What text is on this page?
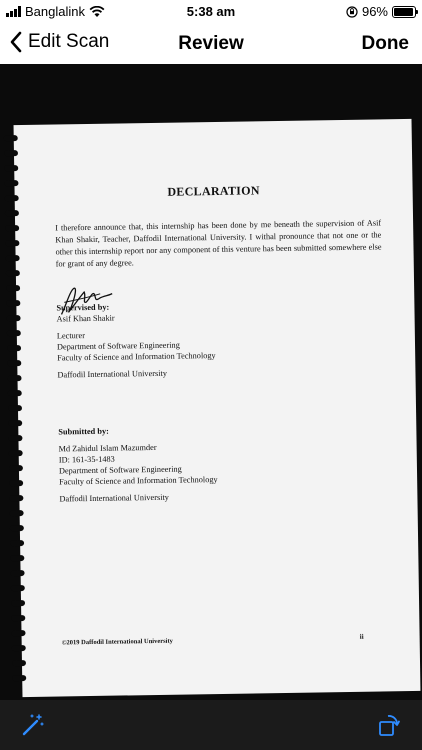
Banglalink	5:38 am	96%
Edit Scan	Review	Done
DECLARATION
I therefore announce that, this internship has been done by me beneath the supervision of Asif Khan Shakir, Teacher, Daffodil International University. I withal pronounce that not one or the other this internship report nor any component of this venture has been submitted somewhere else for grant of any degree.
Supervised by:
Asif Khan Shakir
Lecturer
Department of Software Engineering
Faculty of Science and Information Technology
Daffodil International University
Submitted by:
Md Zahidul Islam Mazumder
ID: 161-35-1483
Department of Software Engineering
Faculty of Science and Information Technology
Daffodil International University
©2019 Daffodil International University
ii
